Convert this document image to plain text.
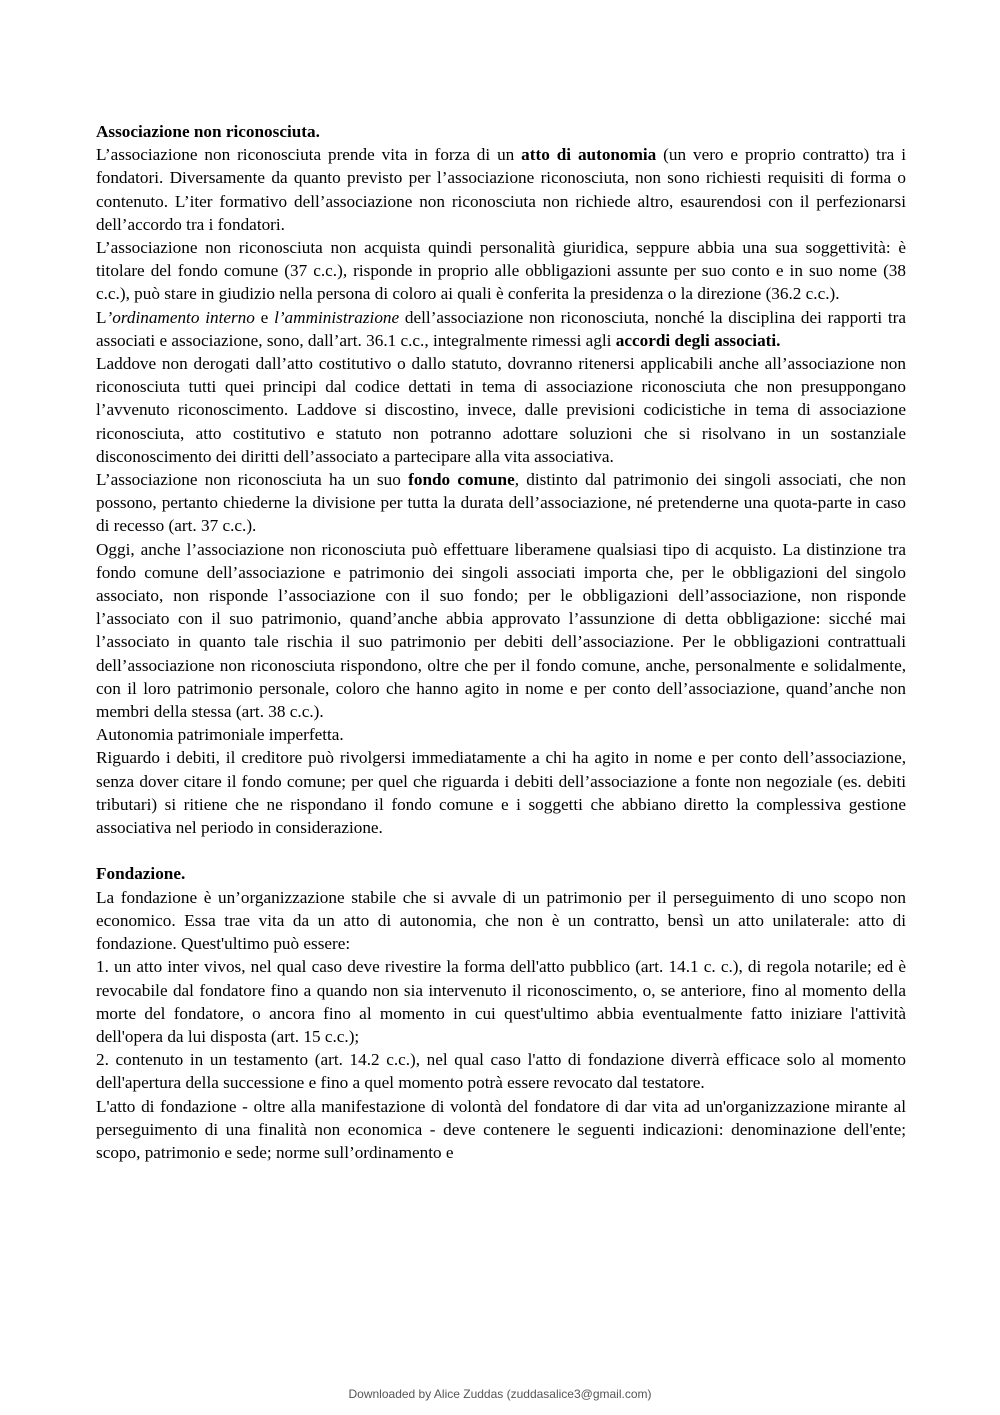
Associazione non riconosciuta.

L’associazione non riconosciuta prende vita in forza di un atto di autonomia (un vero e proprio contratto) tra i fondatori. Diversamente da quanto previsto per l’associazione riconosciuta, non sono richiesti requisiti di forma o contenuto. L’iter formativo dell’associazione non riconosciuta non richiede altro, esaurendosi con il perfezionarsi dell’accordo tra i fondatori.

L’associazione non riconosciuta non acquista quindi personalità giuridica, seppure abbia una sua soggettività: è titolare del fondo comune (37 c.c.), risponde in proprio alle obbligazioni assunte per suo conto e in suo nome (38 c.c.), può stare in giudizio nella persona di coloro ai quali è conferita la presidenza o la direzione (36.2 c.c.).

L’ordinamento interno e l’amministrazione dell’associazione non riconosciuta, nonché la disciplina dei rapporti tra associati e associazione, sono, dall’art. 36.1 c.c., integralmente rimessi agli accordi degli associati.

Laddove non derogati dall’atto costitutivo o dallo statuto, dovranno ritenersi applicabili anche all’associazione non riconosciuta tutti quei principi dal codice dettati in tema di associazione riconosciuta che non presuppongano l’avvenuto riconoscimento. Laddove si discostino, invece, dalle previsioni codicistiche in tema di associazione riconosciuta, atto costitutivo e statuto non potranno adottare soluzioni che si risolvano in un sostanziale disconoscimento dei diritti dell’associato a partecipare alla vita associativa.

L’associazione non riconosciuta ha un suo fondo comune, distinto dal patrimonio dei singoli associati, che non possono, pertanto chiederne la divisione per tutta la durata dell’associazione, né pretenderne una quota-parte in caso di recesso (art. 37 c.c.).

Oggi, anche l’associazione non riconosciuta può effettuare liberamene qualsiasi tipo di acquisto. La distinzione tra fondo comune dell’associazione e patrimonio dei singoli associati importa che, per le obbligazioni del singolo associato, non risponde l’associazione con il suo fondo; per le obbligazioni dell’associazione, non risponde l’associato con il suo patrimonio, quand’anche abbia approvato l’assunzione di detta obbligazione: sicché mai l’associato in quanto tale rischia il suo patrimonio per debiti dell’associazione. Per le obbligazioni contrattuali dell’associazione non riconosciuta rispondono, oltre che per il fondo comune, anche, personalmente e solidalmente, con il loro patrimonio personale, coloro che hanno agito in nome e per conto dell’associazione, quand’anche non membri della stessa (art. 38 c.c.).

Autonomia patrimoniale imperfetta.

Riguardo i debiti, il creditore può rivolgersi immediatamente a chi ha agito in nome e per conto dell’associazione, senza dover citare il fondo comune; per quel che riguarda i debiti dell’associazione a fonte non negoziale (es. debiti tributari) si ritiene che ne rispondano il fondo comune e i soggetti che abbiano diretto la complessiva gestione associativa nel periodo in considerazione.

Fondazione.

La fondazione è un’organizzazione stabile che si avvale di un patrimonio per il perseguimento di uno scopo non economico. Essa trae vita da un atto di autonomia, che non è un contratto, bensì un atto unilaterale: atto di fondazione. Quest'ultimo può essere:

1. un atto inter vivos, nel qual caso deve rivestire la forma dell'atto pubblico (art. 14.1 c. c.), di regola notarile; ed è revocabile dal fondatore fino a quando non sia intervenuto il riconoscimento, o, se anteriore, fino al momento della morte del fondatore, o ancora fino al momento in cui quest'ultimo abbia eventualmente fatto iniziare l'attività dell'opera da lui disposta (art. 15 c.c.);

2. contenuto in un testamento (art. 14.2 c.c.), nel qual caso l'atto di fondazione diverrà efficace solo al momento dell'apertura della successione e fino a quel momento potrà essere revocato dal testatore.

L'atto di fondazione - oltre alla manifestazione di volontà del fondatore di dar vita ad un'organizzazione mirante al perseguimento di una finalità non economica - deve contenere le seguenti indicazioni: denominazione dell'ente; scopo, patrimonio e sede; norme sull’ordinamento e

Downloaded by Alice Zuddas (zuddasalice3@gmail.com)
